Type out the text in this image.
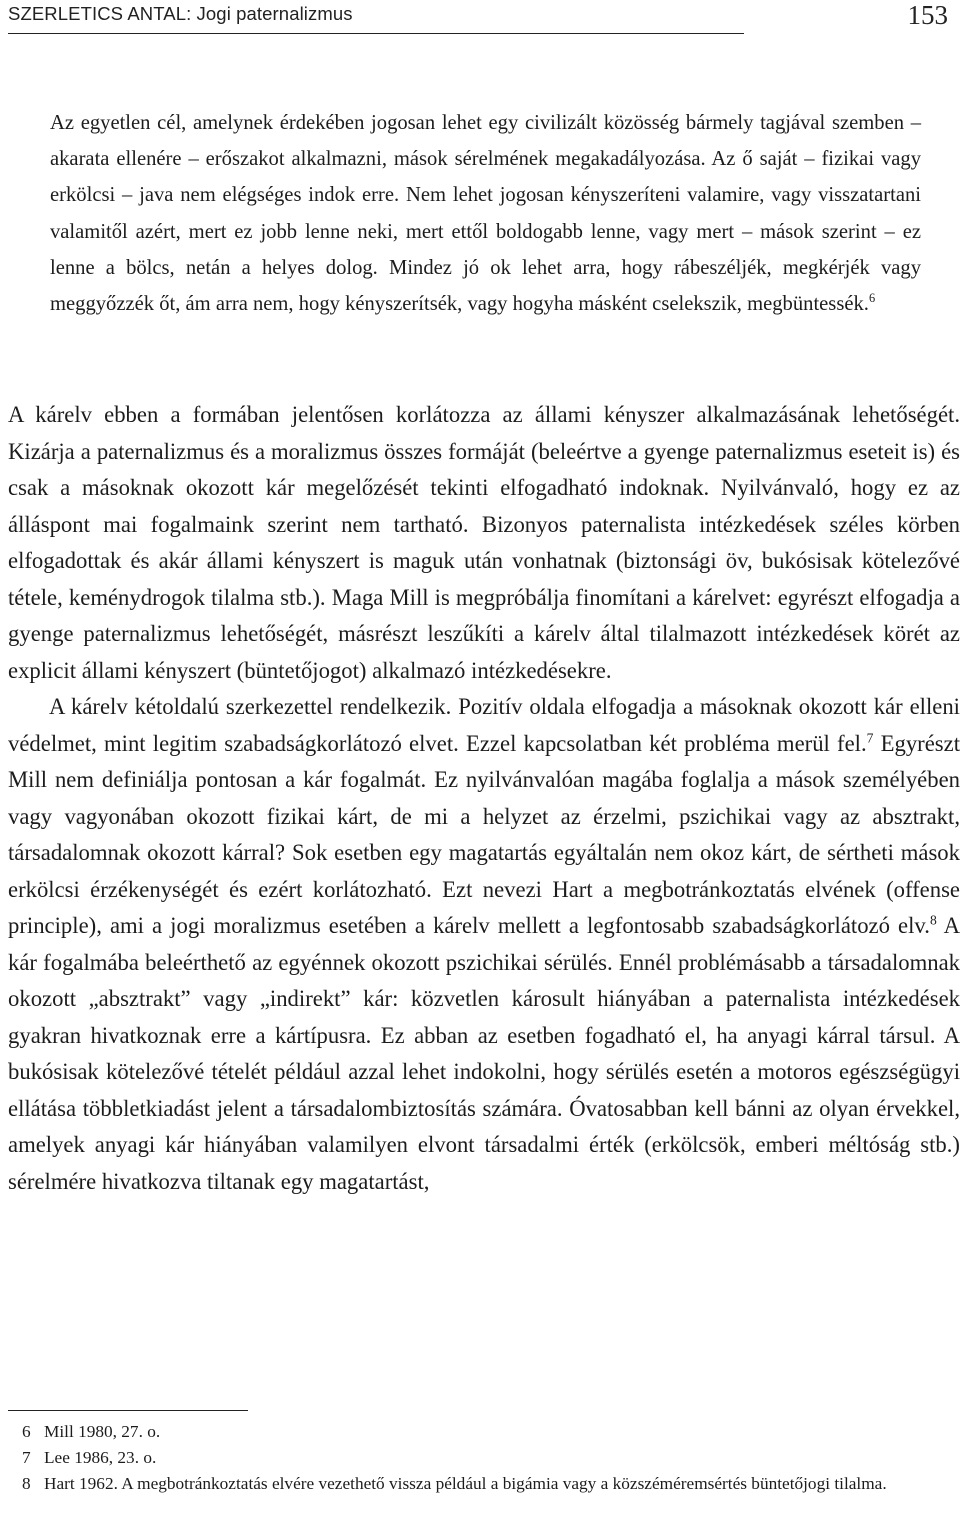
SZERLETICS ANTAL: Jogi paternalizmus	153

Az egyetlen cél, amelynek érdekében jogosan lehet egy civilizált közösség bármely tagjával szemben – akarata ellenére – erőszakot alkalmazni, mások sérelmének megakadályozása. Az ő saját – fizikai vagy erkölcsi – java nem elégséges indok erre. Nem lehet jogosan kényszeríteni valamire, vagy visszatartani valamitől azért, mert ez jobb lenne neki, mert ettől boldogabb lenne, vagy mert – mások szerint – ez lenne a bölcs, netán a helyes dolog. Mindez jó ok lehet arra, hogy rábeszéljék, megkérjék vagy meggyőzzék őt, ám arra nem, hogy kényszerítsék, vagy hogyha másként cselekszik, megbüntessék.$^6$

A kárelv ebben a formában jelentősen korlátozza az állami kényszer alkalmazásának lehetőségét. Kizárja a paternalizmus és a moralizmus összes formáját (beleértve a gyenge paternalizmus eseteit is) és csak a másoknak okozott kár megelőzését tekinti elfogadható indoknak. Nyilvánvaló, hogy ez az álláspont mai fogalmaink szerint nem tartható. Bizonyos paternalista intézkedések széles körben elfogadottak és akár állami kényszert is maguk után vonhatnak (biztonsági öv, bukósisak kötelezővé tétele, keménydrogok tilalma stb.). Maga Mill is megpróbálja finomítani a kárelvet: egyrészt elfogadja a gyenge paternalizmus lehetőségét, másrészt leszűkíti a kárelv által tilalmazott intézkedések körét az explicit állami kényszert (büntetőjogot) alkalmazó intézkedésekre.

A kárelv kétoldalú szerkezettel rendelkezik. Pozitív oldala elfogadja a másoknak okozott kár elleni védelmet, mint legitim szabadságkorlátozó elvet. Ezzel kapcsolatban két probléma merül fel.$^7$ Egyrészt Mill nem definiálja pontosan a kár fogalmát. Ez nyilvánvalóan magába foglalja a mások személyében vagy vagyonában okozott fizikai kárt, de mi a helyzet az érzelmi, pszichikai vagy az absztrakt, társadalomnak okozott kárral? Sok esetben egy magatartás egyáltalán nem okoz kárt, de sértheti mások erkölcsi érzékenységét és ezért korlátozható. Ezt nevezi Hart a megbotránkoztatás elvének (offense principle), ami a jogi moralizmus esetében a kárelv mellett a legfontosabb szabadságkorlátozó elv.$^8$ A kár fogalmába beleérthető az egyénnek okozott pszichikai sérülés. Ennél problémásabb a társadalomnak okozott „absztrakt” vagy „indirekt” kár: közvetlen károsult hiányában a paternalista intézkedések gyakran hivatkoznak erre a kártípusra. Ez abban az esetben fogadható el, ha anyagi kárral társul. A bukósisak kötelezővé tételét például azzal lehet indokolni, hogy sérülés esetén a motoros egészségügyi ellátása többletkiadást jelent a társadalombiztosítás számára. Óvatosabban kell bánni az olyan érvekkel, amelyek anyagi kár hiányában valamilyen elvont társadalmi érték (erkölcsök, emberi méltóság stb.) sérelmére hivatkozva tiltanak egy magatartást,

6 Mill 1980, 27. o.
7 Lee 1986, 23. o.
8 Hart 1962. A megbotránkoztatás elvére vezethető vissza például a bigámia vagy a közszéméremsértés büntetőjogi tilalma.
